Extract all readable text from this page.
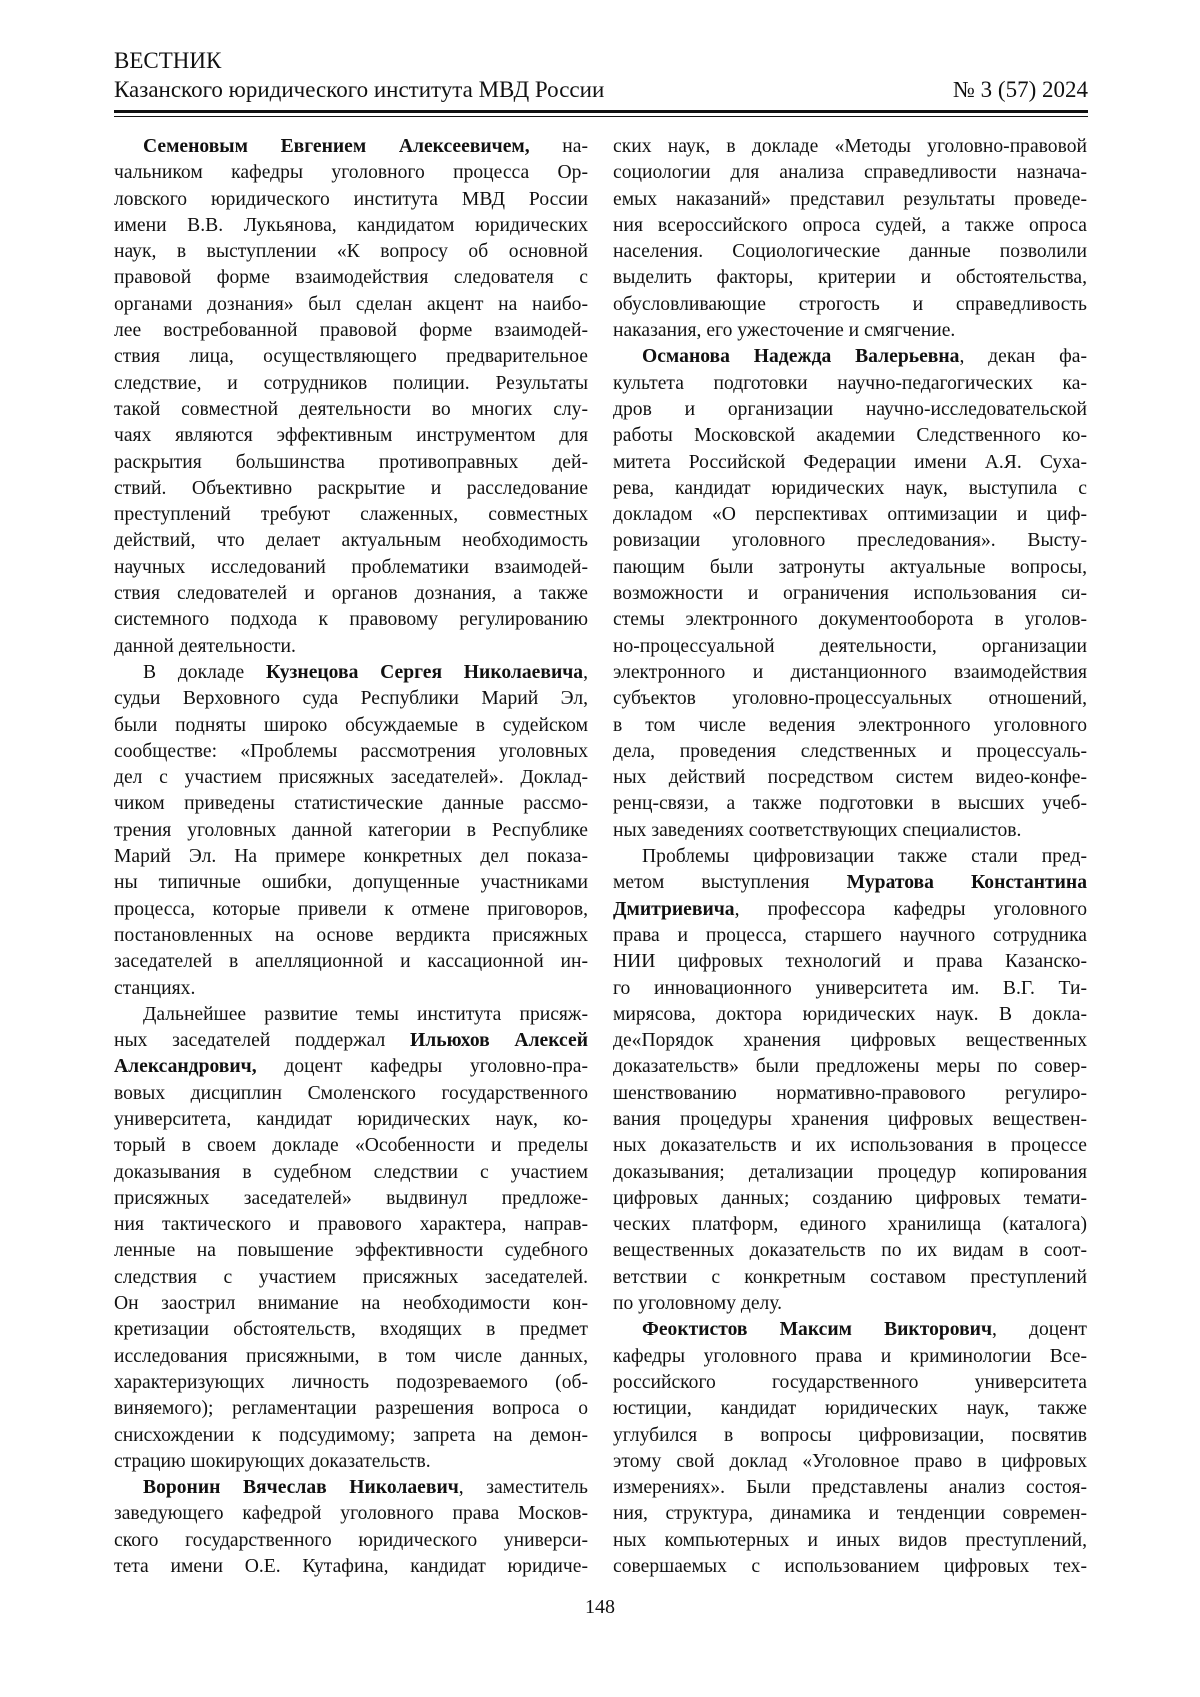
ВЕСТНИК
Казанского юридического института МВД России	№ 3 (57) 2024
Семеновым Евгением Алексеевичем, на-
чальником кафедры уголовного процесса Ор-
ловского юридического института МВД России
имени В.В. Лукьянова, кандидатом юридических
наук, в выступлении «К вопросу об основной
правовой форме взаимодействия следователя с
органами дознания» был сделан акцент на наибо-
лее востребованной правовой форме взаимодей-
ствия лица, осуществляющего предварительное
следствие, и сотрудников полиции. Результаты
такой совместной деятельности во многих слу-
чаях являются эффективным инструментом для
раскрытия большинства противоправных дей-
ствий. Объективно раскрытие и расследование
преступлений требуют слаженных, совместных
действий, что делает актуальным необходимость
научных исследований проблематики взаимодей-
ствия следователей и органов дознания, а также
системного подхода к правовому регулированию
данной деятельности.
В докладе Кузнецова Сергея Николаевича,
судьи Верховного суда Республики Марий Эл,
были подняты широко обсуждаемые в судейском
сообществе: «Проблемы рассмотрения уголовных
дел с участием присяжных заседателей». Доклад-
чиком приведены статистические данные рассмо-
трения уголовных данной категории в Республике
Марий Эл. На примере конкретных дел показа-
ны типичные ошибки, допущенные участниками
процесса, которые привели к отмене приговоров,
постановленных на основе вердикта присяжных
заседателей в апелляционной и кассационной ин-
станциях.
Дальнейшее развитие темы института присяж-
ных заседателей поддержал Ильюхов Алексей
Александрович, доцент кафедры уголовно-пра-
вовых дисциплин Смоленского государственного
университета, кандидат юридических наук, ко-
торый в своем докладе «Особенности и пределы
доказывания в судебном следствии с участием
присяжных заседателей» выдвинул предложе-
ния тактического и правового характера, направ-
ленные на повышение эффективности судебного
следствия с участием присяжных заседателей.
Он заострил внимание на необходимости кон-
кретизации обстоятельств, входящих в предмет
исследования присяжными, в том числе данных,
характеризующих личность подозреваемого (об-
виняемого); регламентации разрешения вопроса о
снисхождении к подсудимому; запрета на демон-
страцию шокирующих доказательств.
Воронин Вячеслав Николаевич, заместитель
заведующего кафедрой уголовного права Москов-
ского государственного юридического универси-
тета имени О.Е. Кутафина, кандидат юридиче-
ских наук, в докладе «Методы уголовно-правовой
социологии для анализа справедливости назнача-
емых наказаний» представил результаты проведе-
ния всероссийского опроса судей, а также опроса
населения. Социологические данные позволили
выделить факторы, критерии и обстоятельства,
обусловливающие строгость и справедливость
наказания, его ужесточение и смягчение.
Османова Надежда Валерьевна, декан фа-
культета подготовки научно-педагогических ка-
дров и организации научно-исследовательской
работы Московской академии Следственного ко-
митета Российской Федерации имени А.Я. Суха-
рева, кандидат юридических наук, выступила с
докладом «О перспективах оптимизации и циф-
ровизации уголовного преследования». Высту-
пающим были затронуты актуальные вопросы,
возможности и ограничения использования си-
стемы электронного документооборота в уголов-
но-процессуальной деятельности, организации
электронного и дистанционного взаимодействия
субъектов уголовно-процессуальных отношений,
в том числе ведения электронного уголовного
дела, проведения следственных и процессуаль-
ных действий посредством систем видео-конфе-
ренц-связи, а также подготовки в высших учеб-
ных заведениях соответствующих специалистов.
Проблемы цифровизации также стали пред-
метом выступления Муратова Константина
Дмитриевича, профессора кафедры уголовного
права и процесса, старшего научного сотрудника
НИИ цифровых технологий и права Казанско-
го инновационного университета им. В.Г. Ти-
мирясова, доктора юридических наук. В докла-
де«Порядок хранения цифровых вещественных
доказательств» были предложены меры по совер-
шенствованию нормативно-правового регулиро-
вания процедуры хранения цифровых веществен-
ных доказательств и их использования в процессе
доказывания; детализации процедур копирования
цифровых данных; созданию цифровых темати-
ческих платформ, единого хранилища (каталога)
вещественных доказательств по их видам в соот-
ветствии с конкретным составом преступлений
по уголовному делу.
Феоктистов Максим Викторович, доцент
кафедры уголовного права и криминологии Все-
российского государственного университета
юстиции, кандидат юридических наук, также
углубился в вопросы цифровизации, посвятив
этому свой доклад «Уголовное право в цифровых
измерениях». Были представлены анализ состоя-
ния, структура, динамика и тенденции современ-
ных компьютерных и иных видов преступлений,
совершаемых с использованием цифровых тех-
148
